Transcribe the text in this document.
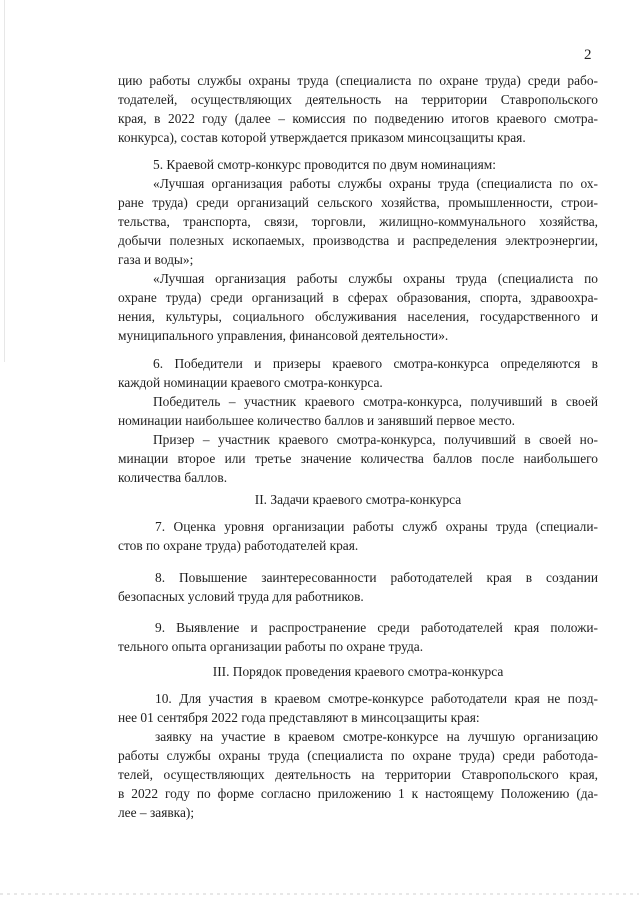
2
цию работы службы охраны труда (специалиста по охране труда) среди рабо-
тодателей, осуществляющих деятельность на территории Ставропольского
края, в 2022 году (далее – комиссия по подведению итогов краевого смотра-
конкурса), состав которой утверждается приказом минсоцзащиты края.
5. Краевой смотр-конкурс проводится по двум номинациям:
«Лучшая организация работы службы охраны труда (специалиста по ох-
ране труда) среди организаций сельского хозяйства, промышленности, строи-
тельства, транспорта, связи, торговли, жилищно-коммунального хозяйства,
добычи полезных ископаемых, производства и распределения электроэнергии,
газа и воды»;
«Лучшая организация работы службы охраны труда (специалиста по
охране труда) среди организаций в сферах образования, спорта, здравоохра-
нения, культуры, социального обслуживания населения, государственного и
муниципального управления, финансовой деятельности».
6. Победители и призеры краевого смотра-конкурса определяются в
каждой номинации краевого смотра-конкурса.
Победитель – участник краевого смотра-конкурса, получивший в своей
номинации наибольшее количество баллов и занявший первое место.
Призер – участник краевого смотра-конкурса, получивший в своей но-
минации второе или третье значение количества баллов после наибольшего
количества баллов.
II. Задачи краевого смотра-конкурса
7. Оценка уровня организации работы служб охраны труда (специали-
стов по охране труда) работодателей края.
8. Повышение заинтересованности работодателей края в создании
безопасных условий труда для работников.
9. Выявление и распространение среди работодателей края положи-
тельного опыта организации работы по охране труда.
III. Порядок проведения краевого смотра-конкурса
10. Для участия в краевом смотре-конкурсе работодатели края не позд-
нее 01 сентября 2022 года представляют в минсоцзащиты края:
заявку на участие в краевом смотре-конкурсе на лучшую организацию
работы службы охраны труда (специалиста по охране труда) среди работода-
телей, осуществляющих деятельность на территории Ставропольского края,
в 2022 году по форме согласно приложению 1 к настоящему Положению (да-
лее – заявка);
